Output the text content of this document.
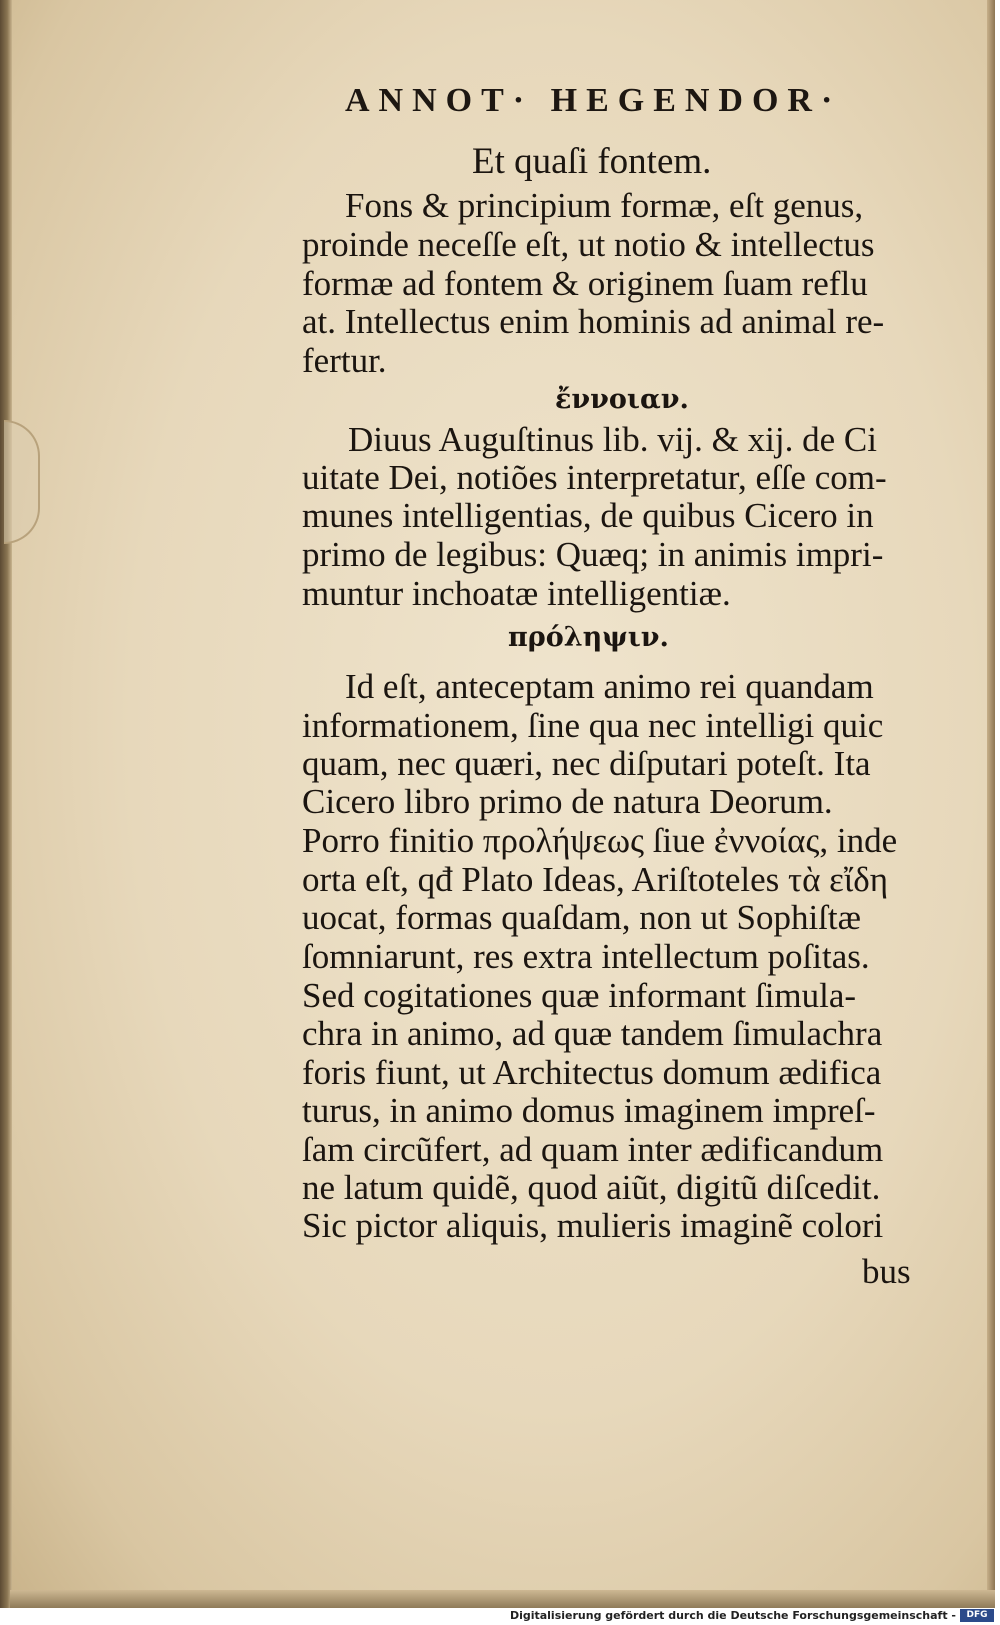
ANNOT· HEGENDOR·
Et quaſi fontem.
Fons & principium formæ, eſt genus,
proinde neceſſe eſt, ut notio & intellectus
formæ ad fontem & originem ſuam reflu
at. Intellectus enim hominis ad animal re-
fertur.
ἔννοιαν.
Diuus Auguſtinus lib. vij. & xij. de Ci
uitate Dei, notiões interpretatur, eſſe com-
munes intelligentias, de quibus Cicero in
primo de legibus: Quæq; in animis impri-
muntur inchoatæ intelligentiæ.
πρόληψιν.
Id eſt, anteceptam animo rei quandam
informationem, ſine qua nec intelligi quic
quam, nec quæri, nec diſputari poteſt. Ita
Cicero libro primo de natura Deorum.
Porro finitio προλήψεως ſiue ἐννοίας, inde
orta eſt, qđ Plato Ideas, Ariſtoteles τὰ εἴδη
uocat, formas quaſdam, non ut Sophiſtæ
ſomniarunt, res extra intellectum poſitas.
Sed cogitationes quæ informant ſimula-
chra in animo, ad quæ tandem ſimulachra
foris fiunt, ut Architectus domum ædifica
turus, in animo domus imaginem impreſ-
ſam circũfert, ad quam inter ædificandum
ne latum quidẽ, quod aiũt, digitũ diſcedit.
Sic pictor aliquis, mulieris imaginẽ colori
bus
Digitalisierung gefördert durch die Deutsche Forschungsgemeinschaft -	DFG
